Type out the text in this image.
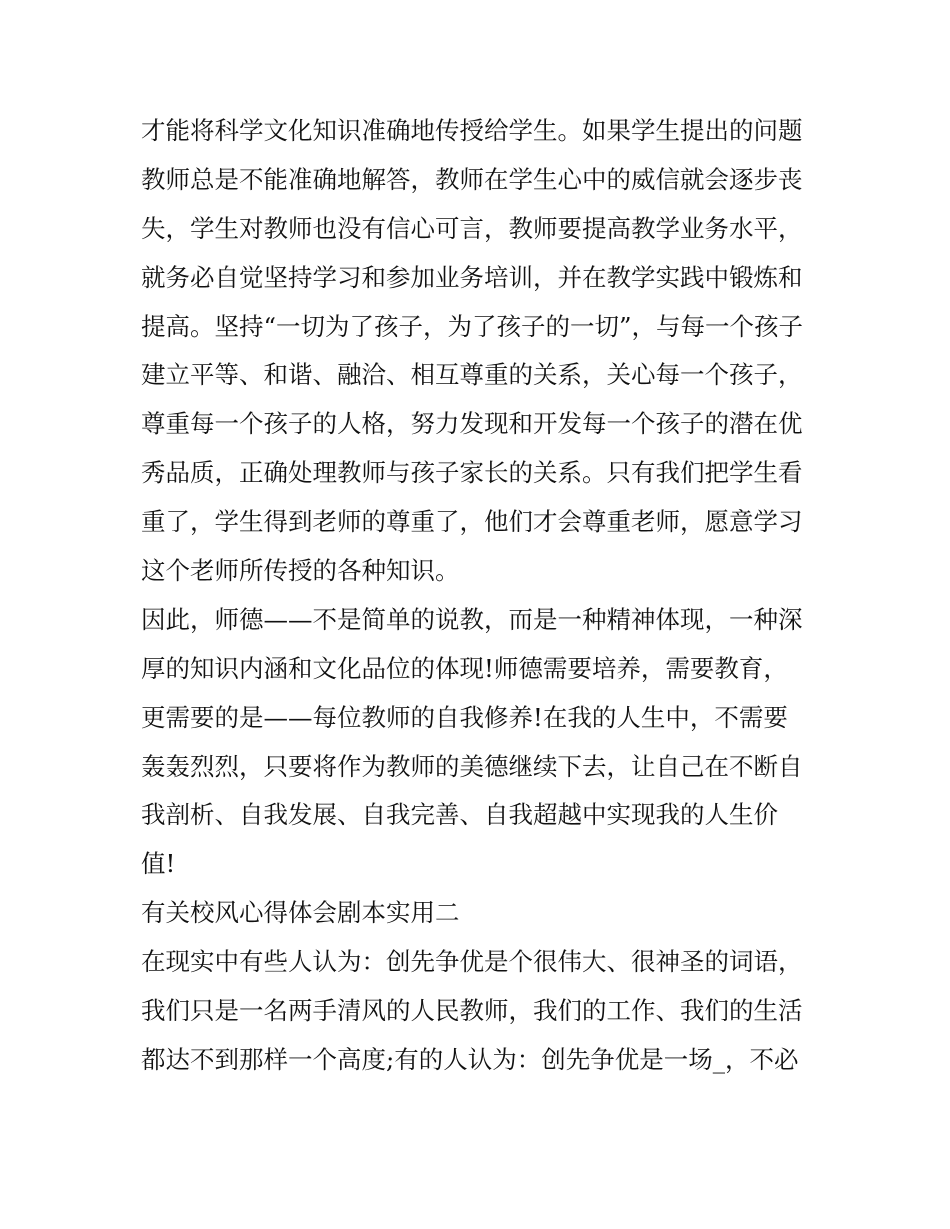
才能将科学文化知识准确地传授给学生。如果学生提出的问题
教师总是不能准确地解答，教师在学生心中的威信就会逐步丧
失，学生对教师也没有信心可言，教师要提高教学业务水平，
就务必自觉坚持学习和参加业务培训，并在教学实践中锻炼和
提高。坚持“一切为了孩子，为了孩子的一切”，与每一个孩子
建立平等、和谐、融洽、相互尊重的关系，关心每一个孩子，
尊重每一个孩子的人格，努力发现和开发每一个孩子的潜在优
秀品质，正确处理教师与孩子家长的关系。只有我们把学生看
重了，学生得到老师的尊重了，他们才会尊重老师，愿意学习
这个老师所传授的各种知识。
因此，师德——不是简单的说教，而是一种精神体现，一种深
厚的知识内涵和文化品位的体现!师德需要培养，需要教育，
更需要的是——每位教师的自我修养!在我的人生中，不需要
轰轰烈烈，只要将作为教师的美德继续下去，让自己在不断自
我剖析、自我发展、自我完善、自我超越中实现我的人生价
值!
有关校风心得体会剧本实用二
在现实中有些人认为：创先争优是个很伟大、很神圣的词语，
我们只是一名两手清风的人民教师，我们的工作、我们的生活
都达不到那样一个高度;有的人认为：创先争优是一场_，不必
